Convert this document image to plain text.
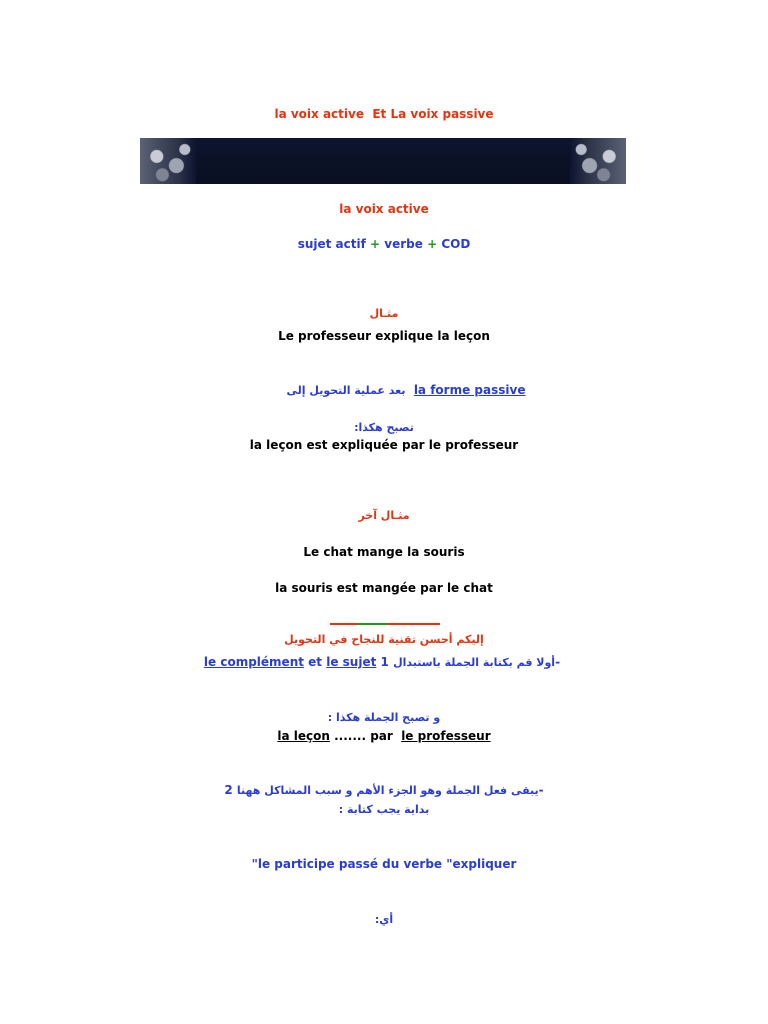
la voix active Et La voix passive
la voix active
sujet actif + verbe + COD
مثـال
Le professeur explique la leçon
بعد عملية التحويل إلى la forme passive
تصبح هكذا:
la leçon est expliquée par le professeur
مثـال آخر
Le chat mange la souris
la souris est mangée par le chat
إليكم أحسن تقنية للنجاح في التحويل
le complément et le sujet أولا قم بكتابة الجملة باستبدال 1-
و تصبح الجملة هكذا :
la leçon ....... par le professeur
يبقى فعل الجملة وهو الجزء الأهم و سبب المشاكل ههنا 2-
بداية يجب كتابة :
"le participe passé du verbe "expliquer
أي:
